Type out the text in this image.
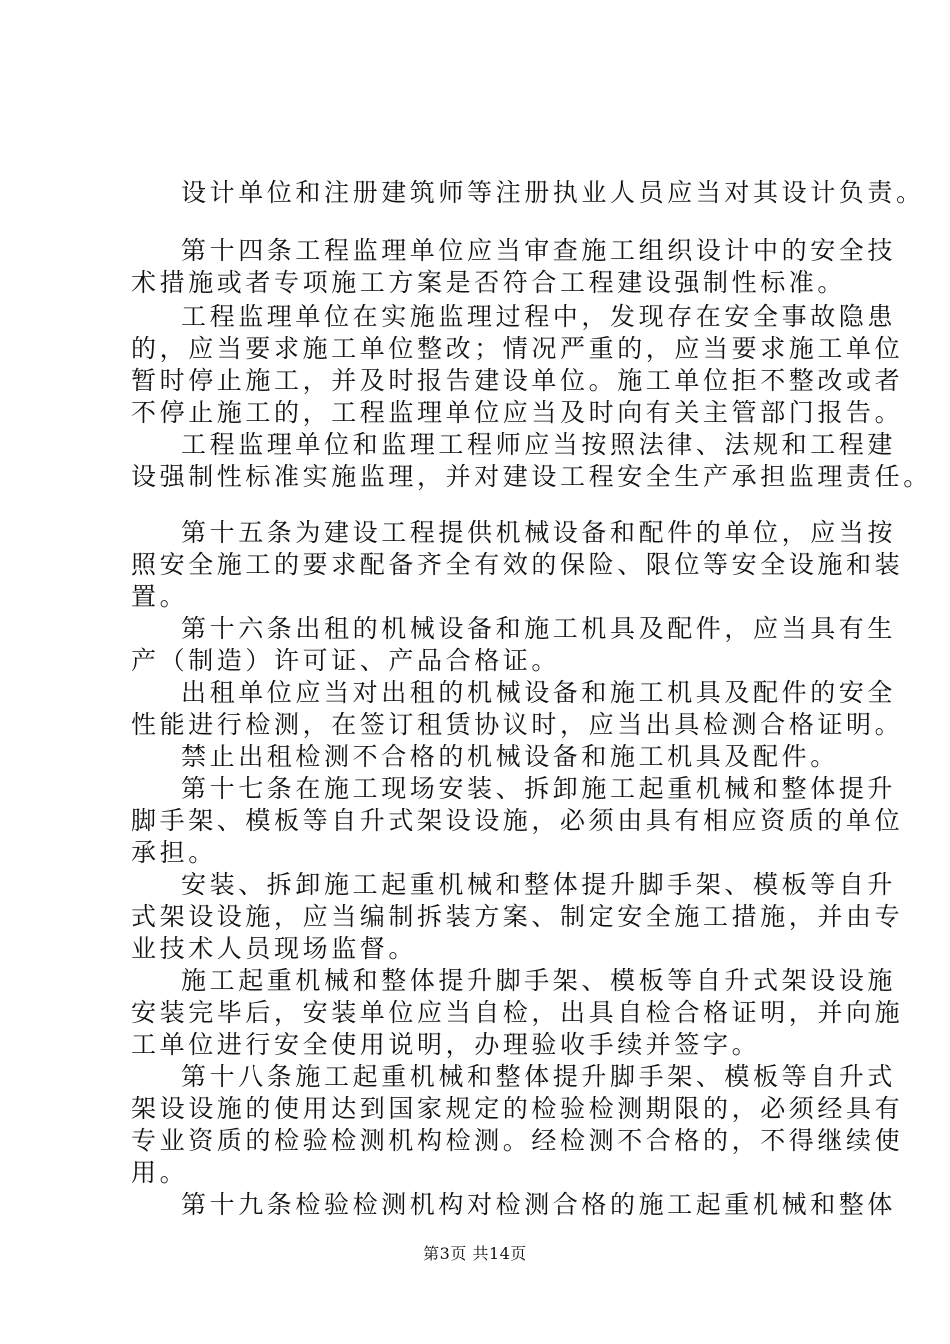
设计单位和注册建筑师等注册执业人员应当对其设计负责。

第十四条工程监理单位应当审查施工组织设计中的安全技

术措施或者专项施工方案是否符合工程建设强制性标准。

工程监理单位在实施监理过程中，发现存在安全事故隐患

的，应当要求施工单位整改；情况严重的，应当要求施工单位

暂时停止施工，并及时报告建设单位。施工单位拒不整改或者

不停止施工的，工程监理单位应当及时向有关主管部门报告。

工程监理单位和监理工程师应当按照法律、法规和工程建

设强制性标准实施监理，并对建设工程安全生产承担监理责任。

第十五条为建设工程提供机械设备和配件的单位，应当按

照安全施工的要求配备齐全有效的保险、限位等安全设施和装

置。

第十六条出租的机械设备和施工机具及配件，应当具有生

产（制造）许可证、产品合格证。

出租单位应当对出租的机械设备和施工机具及配件的安全

性能进行检测，在签订租赁协议时，应当出具检测合格证明。

禁止出租检测不合格的机械设备和施工机具及配件。

第十七条在施工现场安装、拆卸施工起重机械和整体提升

脚手架、模板等自升式架设设施，必须由具有相应资质的单位

承担。

安装、拆卸施工起重机械和整体提升脚手架、模板等自升

式架设设施，应当编制拆装方案、制定安全施工措施，并由专

业技术人员现场监督。

施工起重机械和整体提升脚手架、模板等自升式架设设施

安装完毕后，安装单位应当自检，出具自检合格证明，并向施

工单位进行安全使用说明，办理验收手续并签字。

第十八条施工起重机械和整体提升脚手架、模板等自升式

架设设施的使用达到国家规定的检验检测期限的，必须经具有

专业资质的检验检测机构检测。经检测不合格的，不得继续使

用。

第十九条检验检测机构对检测合格的施工起重机械和整体

第3页 共14页
